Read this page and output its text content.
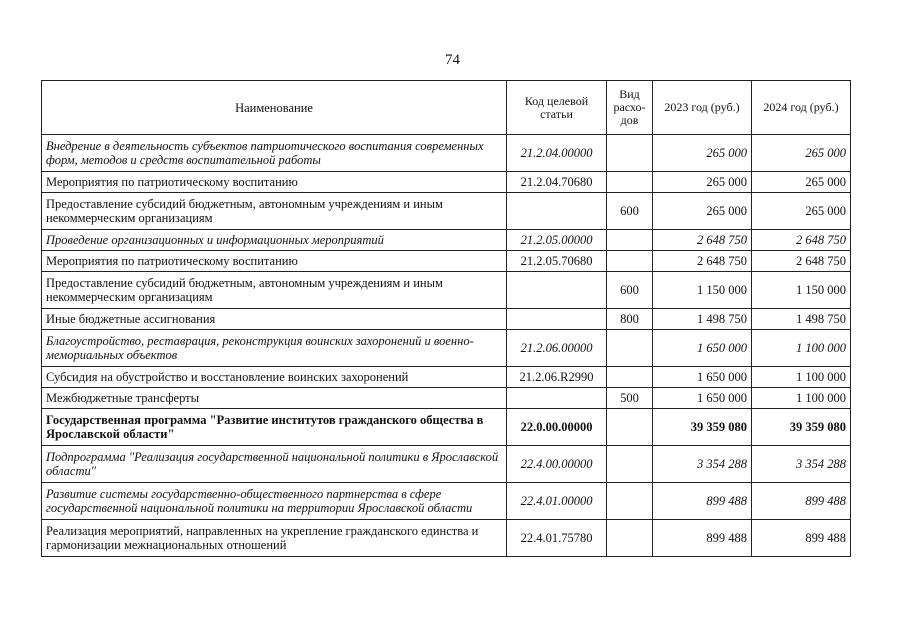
74
Наименование	Код целевой статьи	Вид расхо-дов	2023 год (руб.)	2024 год (руб.)
Внедрение в деятельность субъектов патриотического воспитания современных форм, методов и средств воспитательной работы	21.2.04.00000		265 000	265 000
Мероприятия по патриотическому воспитанию	21.2.04.70680		265 000	265 000
Предоставление субсидий бюджетным, автономным учреждениям и иным некоммерческим организациям		600	265 000	265 000
Проведение организационных и информационных мероприятий	21.2.05.00000		2 648 750	2 648 750
Мероприятия по патриотическому воспитанию	21.2.05.70680		2 648 750	2 648 750
Предоставление субсидий бюджетным, автономным учреждениям и иным некоммерческим организациям		600	1 150 000	1 150 000
Иные бюджетные ассигнования		800	1 498 750	1 498 750
Благоустройство, реставрация, реконструкция воинских захоронений и военно-мемориальных объектов	21.2.06.00000		1 650 000	1 100 000
Субсидия на обустройство и восстановление воинских захоронений	21.2.06.R2990		1 650 000	1 100 000
Межбюджетные трансферты		500	1 650 000	1 100 000
Государственная программа "Развитие институтов гражданского общества в Ярославской области"	22.0.00.00000		39 359 080	39 359 080
Подпрограмма "Реализация государственной национальной политики в Ярославской области"	22.4.00.00000		3 354 288	3 354 288
Развитие системы государственно-общественного партнерства в сфере государственной национальной политики на территории Ярославской области	22.4.01.00000		899 488	899 488
Реализация мероприятий, направленных на укрепление гражданского единства и гармонизации межнациональных отношений	22.4.01.75780		899 488	899 488
